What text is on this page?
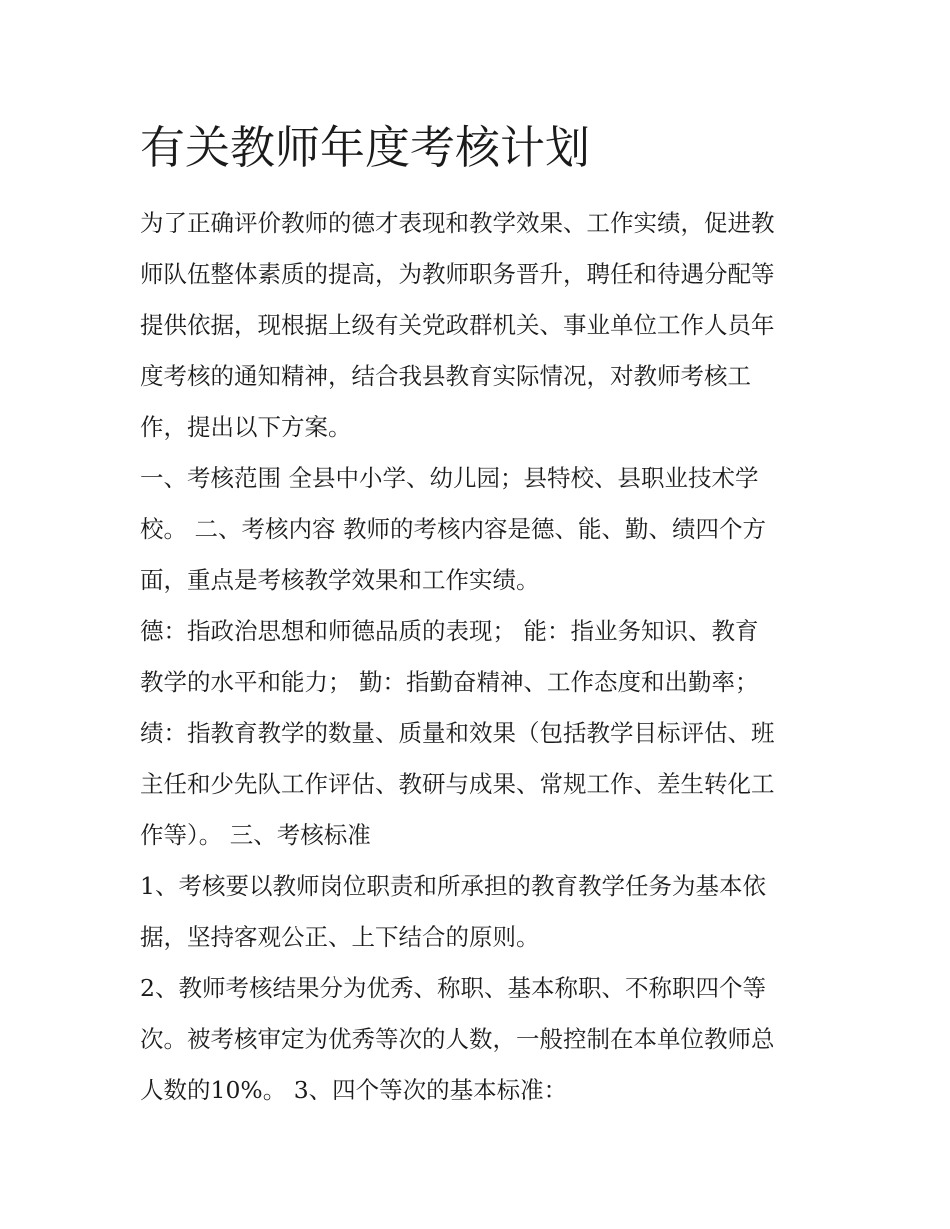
有关教师年度考核计划

为了正确评价教师的德才表现和教学效果、工作实绩，促进教
师队伍整体素质的提高，为教师职务晋升，聘任和待遇分配等
提供依据，现根据上级有关党政群机关、事业单位工作人员年
度考核的通知精神，结合我县教育实际情况，对教师考核工
作，提出以下方案。

一、考核范围 全县中小学、幼儿园；县特校、县职业技术学
校。 二、考核内容 教师的考核内容是德、能、勤、绩四个方
面，重点是考核教学效果和工作实绩。

德：指政治思想和师德品质的表现； 能：指业务知识、教育
教学的水平和能力； 勤：指勤奋精神、工作态度和出勤率；
绩：指教育教学的数量、质量和效果（包括教学目标评估、班
主任和少先队工作评估、教研与成果、常规工作、差生转化工
作等）。 三、考核标准

1、考核要以教师岗位职责和所承担的教育教学任务为基本依
据，坚持客观公正、上下结合的原则。

2、教师考核结果分为优秀、称职、基本称职、不称职四个等
次。被考核审定为优秀等次的人数，一般控制在本单位教师总
人数的10%。 3、四个等次的基本标准：
